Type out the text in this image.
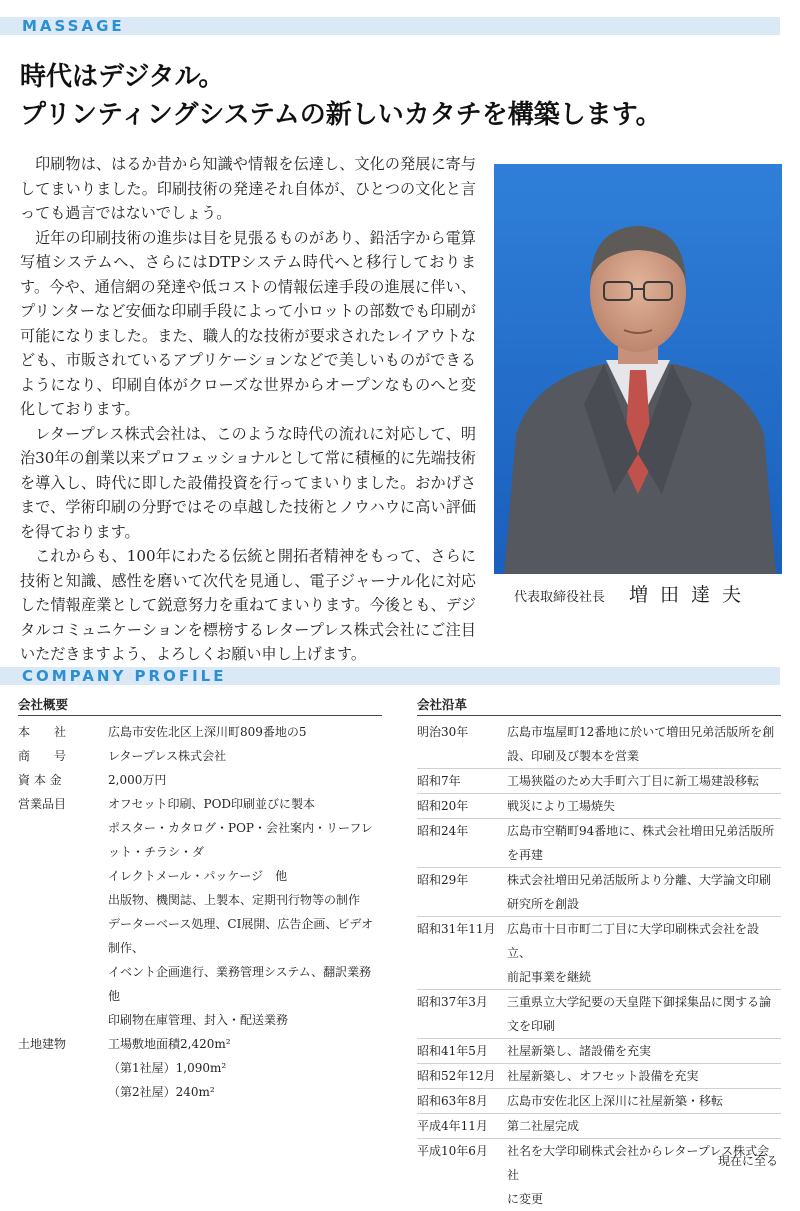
MASSAGE
時代はデジタル。
プリンティングシステムの新しいカタチを構築します。

印刷物は、はるか昔から知識や情報を伝達し、文化の発展に寄与してまいりました。印刷技術の発達それ自体が、ひとつの文化と言っても過言ではないでしょう。

近年の印刷技術の進歩は目を見張るものがあり、鉛活字から電算写植システムへ、さらにはDTPシステム時代へと移行しております。今や、通信網の発達や低コストの情報伝達手段の進展に伴い、プリンターなど安価な印刷手段によって小ロットの部数でも印刷が可能になりました。また、職人的な技術が要求されたレイアウトなども、市販されているアプリケーションなどで美しいものができるようになり、印刷自体がクローズな世界からオープンなものへと変化しております。

レタープレス株式会社は、このような時代の流れに対応して、明治30年の創業以来プロフェッショナルとして常に積極的に先端技術を導入し、時代に即した設備投資を行ってまいりました。おかげさまで、学術印刷の分野ではその卓越した技術とノウハウに高い評価を得ております。

これからも、100年にわたる伝統と開拓者精神をもって、さらに技術と知識、感性を磨いて次代を見通し、電子ジャーナル化に対応した情報産業として鋭意努力を重ねてまいります。今後とも、デジタルコミュニケーションを標榜するレタープレス株式会社にご注目いただきますよう、よろしくお願い申し上げます。

代表取締役社長 増田達夫
COMPANY PROFILE
会社概要
本　　社	広島市安佐北区上深川町809番地の5
商　　号	レタープレス株式会社
資 本 金	2,000万円
営業品目	オフセット印刷、POD印刷並びに製本
ポスター・カタログ・POP・会社案内・リーフレット・チラシ・ダ
イレクトメール・パッケージ　他
出版物、機関誌、上製本、定期刊行物等の制作
データーベース処理、CI展開、広告企画、ビデオ制作、
イベント企画進行、業務管理システム、翻訳業務　他
印刷物在庫管理、封入・配送業務
土地建物	工場敷地面積2,420m²
（第1社屋）1,090m²
（第2社屋）240m²
会社沿革
明治30年	広島市塩屋町12番地に於いて増田兄弟活版所を創
設、印刷及び製本を営業
昭和7年	工場狭隘のため大手町六丁目に新工場建設移転
昭和20年	戦災により工場焼失
昭和24年	広島市空鞘町94番地に、株式会社増田兄弟活版所
を再建
昭和29年	株式会社増田兄弟活版所より分離、大学論文印刷
研究所を創設
昭和31年11月 広島市十日市町二丁目に大学印刷株式会社を設立、
前記事業を継続
昭和37年3月	三重県立大学紀要の天皇陛下御採集品に関する論
文を印刷
昭和41年5月	社屋新築し、諸設備を充実
昭和52年12月 社屋新築し、オフセット設備を充実
昭和63年8月	広島市安佐北区上深川に社屋新築・移転
平成4年11月	第二社屋完成
平成10年6月	社名を大学印刷株式会社からレタープレス株式会社
に変更
現在に至る
